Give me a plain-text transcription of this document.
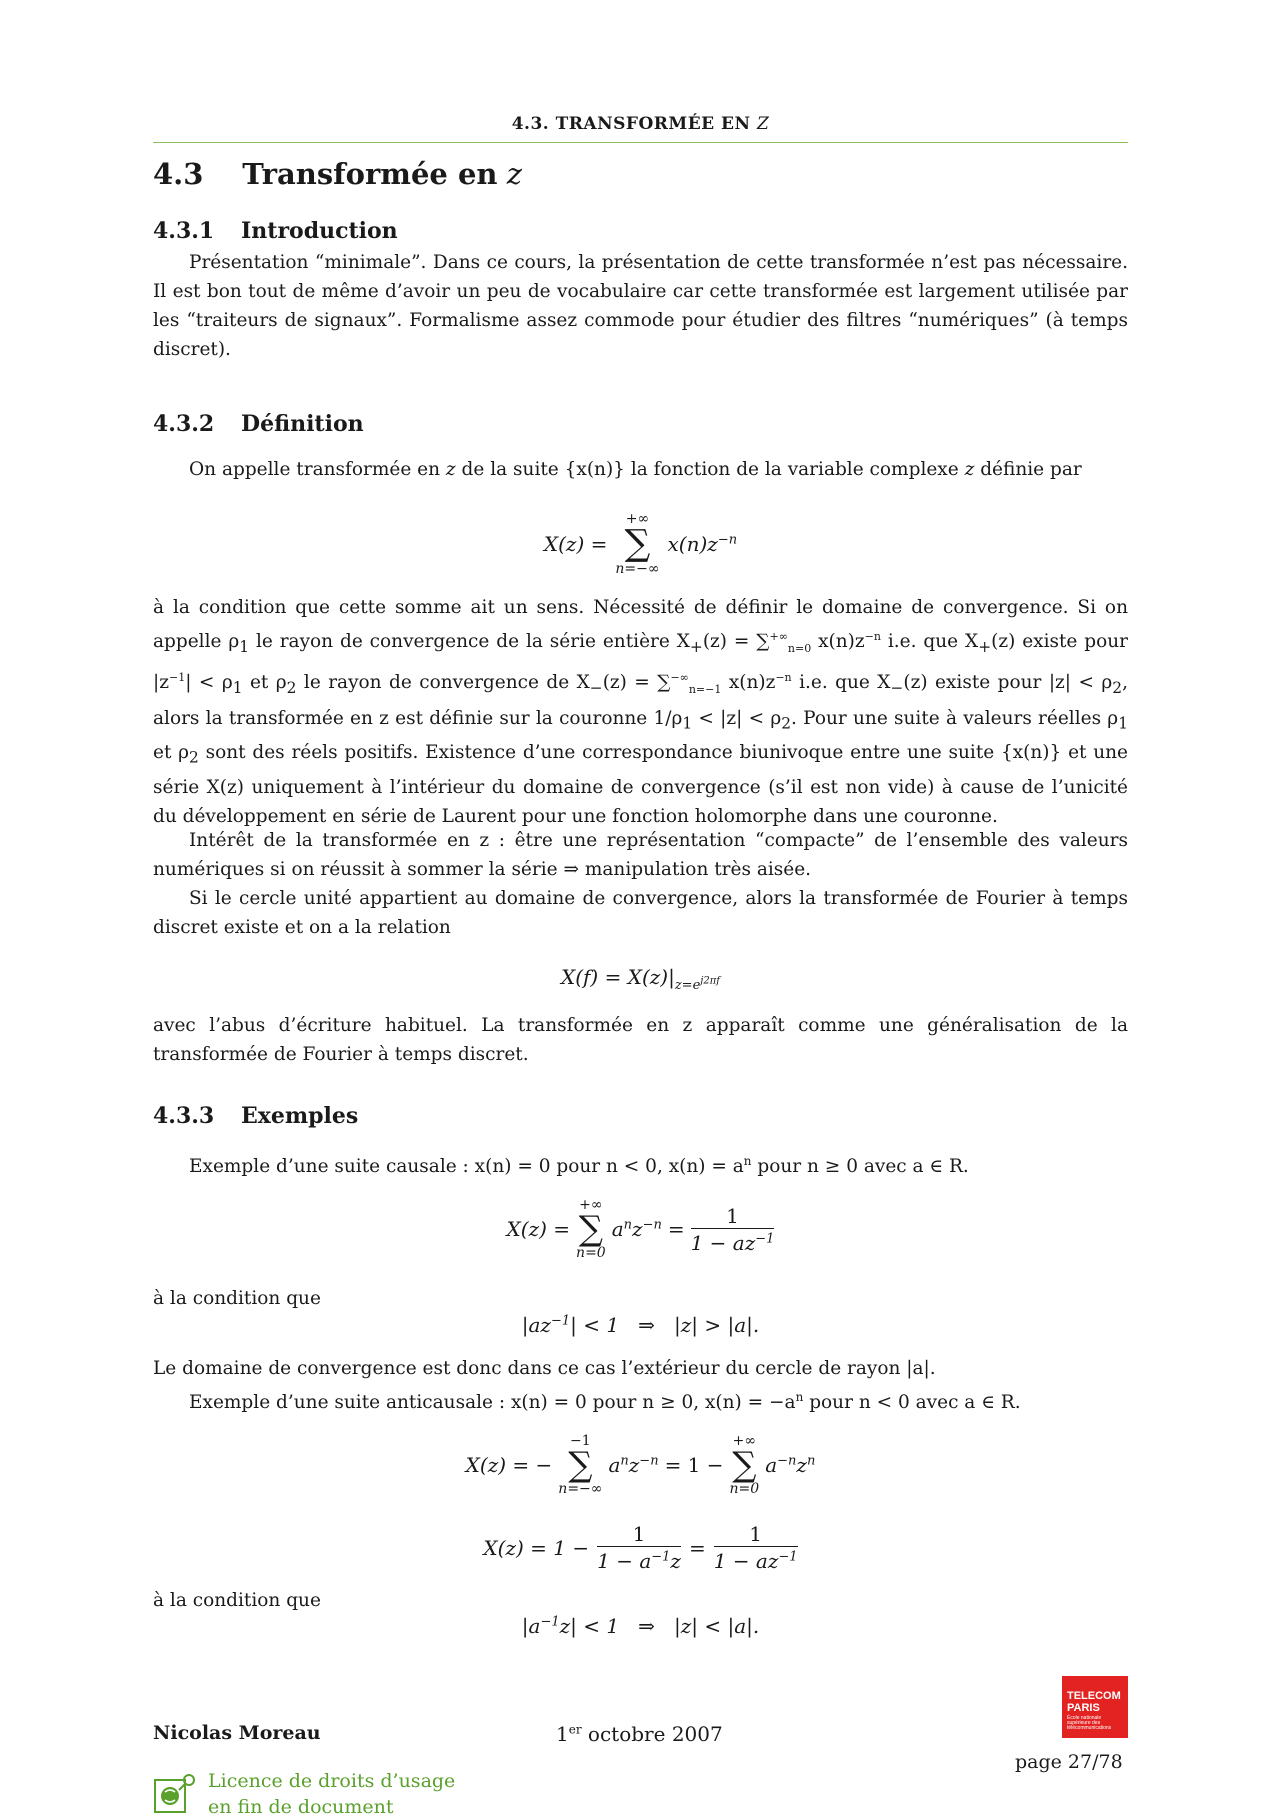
4.3. TRANSFORMÉE EN Z
4.3 Transformée en z
4.3.1 Introduction

Présentation “minimale”. Dans ce cours, la présentation de cette transformée n’est pas nécessaire. Il est bon tout de même d’avoir un peu de vocabulaire car cette transformée est largement utilisée par les “traiteurs de signaux”. Formalisme assez commode pour étudier des filtres “numériques” (à temps discret).

4.3.2 Définition

On appelle transformée en z de la suite {x(n)} la fonction de la variable complexe z définie par

X(z) =
+∞
∑
n=−∞
$x(n)z^{-n}$

à la condition que cette somme ait un sens. Nécessité de définir le domaine de convergence. Si on appelle $\rho_1$ le rayon de convergence de la série entière $X_+(z) = \sum^{+\infty}_{n=0}$ $x(n)z^{-n}$ i.e. que $X_+(z)$ existe pour $|z^{-1}| < \rho_1$ et $\rho_2$ le rayon de convergence de $X_-(z) = \sum^{-\infty}_{n=-1}$ $x(n)z^{-n}$ i.e. que $X_-(z)$ existe pour $|z| < \rho_2$, alors la transformée en z est définie sur la couronne $1/\rho_1 < |z| < \rho_2$. Pour une suite à valeurs réelles $\rho_1$ et $\rho_2$ sont des réels positifs. Existence d’une correspondance biunivoque entre une suite {x(n)} et une série X(z) uniquement à l’intérieur du domaine de convergence (s’il est non vide) à cause de l’unicité du développement en série de Laurent pour une fonction holomorphe dans une couronne.

Intérêt de la transformée en z : être une représentation “compacte” de l’ensemble des valeurs numériques si on réussit à sommer la série ⇒ manipulation très aisée.

Si le cercle unité appartient au domaine de convergence, alors la transformée de Fourier à temps discret existe et on a la relation

$X(f) = X(z)|_{z=e^{j2\pi f}}$

avec l’abus d’écriture habituel. La transformée en z apparaît comme une généralisation de la transformée de Fourier à temps discret.

4.3.3 Exemples

Exemple d’une suite causale : x(n) = 0 pour n < 0, $x(n) = a^n$ pour n ≥ 0 avec a ∈ R.

X(z) =
+∞
∑
n=0
$a^nz^{-n} = \frac{1}{1 - az^{-1}}$

à la condition que

$|az^{-1}| < 1$   ⇒   |z| > |a|.

Le domaine de convergence est donc dans ce cas l’extérieur du cercle de rayon |a|.

Exemple d’une suite anticausale : x(n) = 0 pour n ≥ 0, $x(n) = -a^n$ pour n < 0 avec a ∈ R.

X(z) = −
−1
∑
n=−∞
$a^nz^{-n} = 1$ −
+∞
∑
n=0
$a^{-n}z^n$
$X(z) = 1 - \frac{1}{1 - a^{-1}z} = \frac{1}{1 - az^{-1}}$

à la condition que

$|a^{-1}z| < 1$   ⇒   |z| < |a|.
TELECOM
PARIS
École nationale supérieure des télécommunications
Nicolas Moreau	1er octobre 2007
page 27/78
Licence de droits d’usage
en fin de document
